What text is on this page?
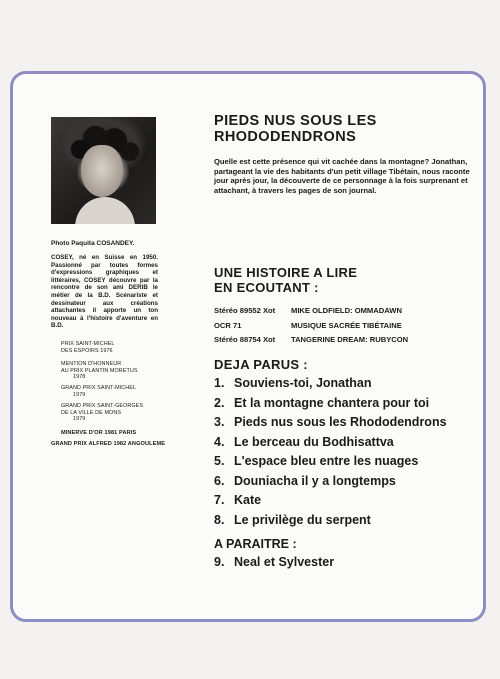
Photo Paquita COSANDEY.
COSEY, né en Suisse en 1950. Passionné par toutes formes d'expressions graphiques et littéraires, COSEY découvre par la rencontre de son ami DERIB le métier de la B.D. Scénariste et dessinateur aux créations attachantes il apporte un ton nouveau à l'histoire d'aventure en B.D.
PRIX SAINT-MICHEL
DES ESPOIRS 1976
MENTION D'HONNEUR
AU PRIX PLANTIN MORETUS
1978
GRAND PRIX SAINT-MICHEL
1979
GRAND PRIX SAINT-GEORGES
DE LA VILLE DE MONS
1979
MINERVE D'OR 1981 PARIS
GRAND PRIX ALFRED 1982 ANGOULEME
PIEDS NUS SOUS LES
RHODODENDRONS
Quelle est cette présence qui vit cachée dans la montagne? Jonathan, partageant la vie des habitants d'un petit village Tibétain, nous raconte jour après jour, la découverte de ce personnage à la fois surprenant et attachant, à travers les pages de son journal.
UNE HISTOIRE A LIRE
EN ECOUTANT :
Stéréo 89552 Xot	MIKE OLDFIELD: OMMADAWN
OCR 71	MUSIQUE SACRÉE TIBÉTAINE
Stéréo 88754 Xot	TANGERINE DREAM: RUBYCON
DEJA PARUS :
1. Souviens-toi, Jonathan
2. Et la montagne chantera pour toi
3. Pieds nus sous les Rhododendrons
4. Le berceau du Bodhisattva
5. L'espace bleu entre les nuages
6. Douniacha il y a longtemps
7. Kate
8. Le privilège du serpent
A PARAITRE :
9. Neal et Sylvester
